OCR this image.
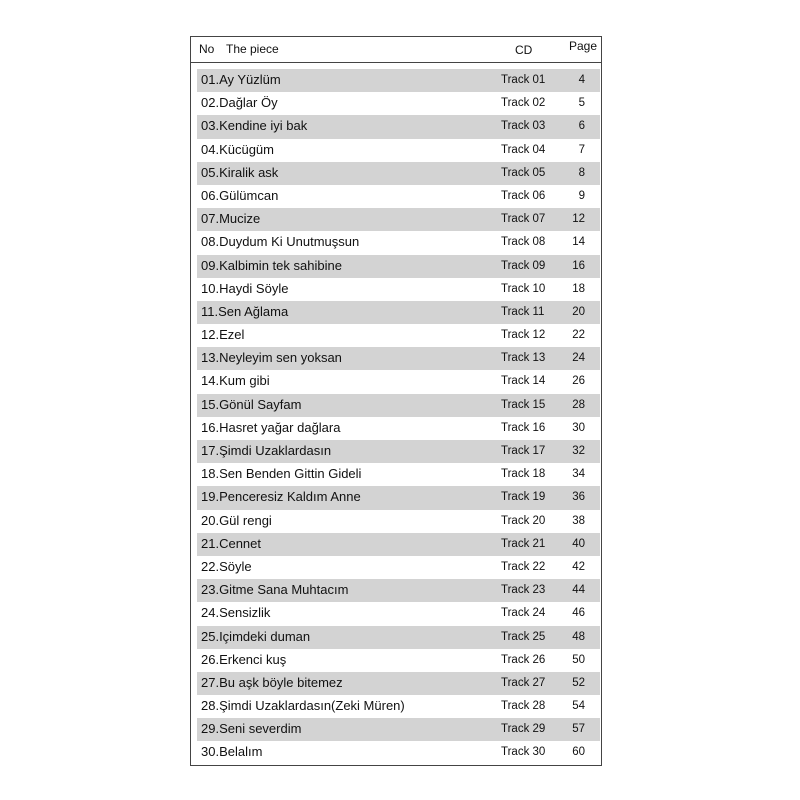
No The piece	CD	Page
01.Ay Yüzlüm	Track 01	4
02.Dağlar Öy	Track 02	5
03.Kendine iyi bak	Track 03	6
04.Kücügüm	Track 04	7
05.Kiralik ask	Track 05	8
06.Gülümcan	Track 06	9
07.Mucize	Track 07	12
08.Duydum Ki Unutmuşsun	Track 08	14
09.Kalbimin tek sahibine	Track 09	16
10.Haydi Söyle	Track 10	18
11.Sen Ağlama	Track 11	20
12.Ezel	Track 12	22
13.Neyleyim sen yoksan	Track 13	24
14.Kum gibi	Track 14	26
15.Gönül Sayfam	Track 15	28
16.Hasret yağar dağlara	Track 16	30
17.Şimdi Uzaklardasın	Track 17	32
18.Sen Benden Gittin Gideli	Track 18	34
19.Penceresiz Kaldım Anne	Track 19	36
20.Gül rengi	Track 20	38
21.Cennet	Track 21	40
22.Söyle	Track 22	42
23.Gitme Sana Muhtacım	Track 23	44
24.Sensizlik	Track 24	46
25.Içimdeki duman	Track 25	48
26.Erkenci kuş	Track 26	50
27.Bu aşk böyle bitemez	Track 27	52
28.Şimdi Uzaklardasın(Zeki Müren)	Track 28	54
29.Seni severdim	Track 29	57
30.Belalım	Track 30	60
